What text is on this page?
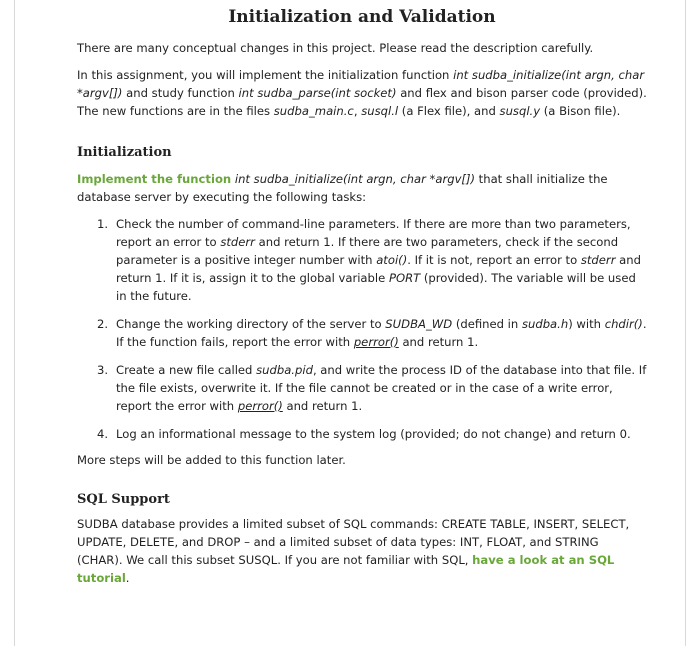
Initialization and Validation

There are many conceptual changes in this project. Please read the description carefully.

In this assignment, you will implement the initialization function int sudba_initialize(int argn, char *argv[]) and study function int sudba_parse(int socket) and flex and bison parser code (provided). The new functions are in the files sudba_main.c, susql.l (a Flex file), and susql.y (a Bison file).

Initialization

Implement the function int sudba_initialize(int argn, char *argv[]) that shall initialize the database server by executing the following tasks:

1. Check the number of command-line parameters. If there are more than two parameters, report an error to stderr and return 1. If there are two parameters, check if the second parameter is a positive integer number with atoi(). If it is not, report an error to stderr and return 1. If it is, assign it to the global variable PORT (provided). The variable will be used in the future.
2. Change the working directory of the server to SUDBA_WD (defined in sudba.h) with chdir(). If the function fails, report the error with perror() and return 1.
3. Create a new file called sudba.pid, and write the process ID of the database into that file. If the file exists, overwrite it. If the file cannot be created or in the case of a write error, report the error with perror() and return 1.
4. Log an informational message to the system log (provided; do not change) and return 0.

More steps will be added to this function later.

SQL Support

SUDBA database provides a limited subset of SQL commands: CREATE TABLE, INSERT, SELECT, UPDATE, DELETE, and DROP – and a limited subset of data types: INT, FLOAT, and STRING (CHAR). We call this subset SUSQL. If you are not familiar with SQL, have a look at an SQL tutorial.
